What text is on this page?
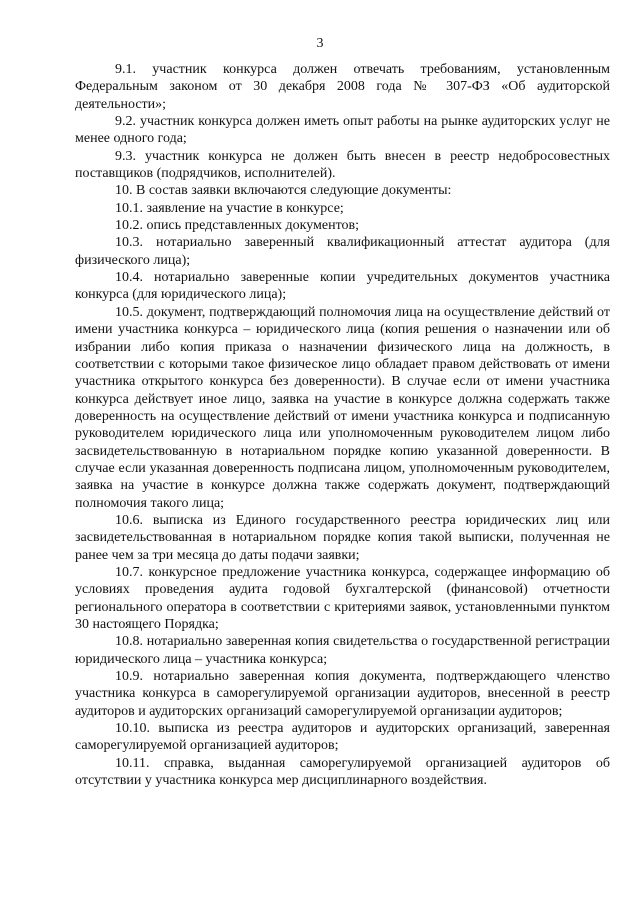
3

9.1. участник конкурса должен отвечать требованиям, установленным Федеральным законом от 30 декабря 2008 года № 307-ФЗ «Об аудиторской деятельности»;

9.2. участник конкурса должен иметь опыт работы на рынке аудиторских услуг не менее одного года;

9.3. участник конкурса не должен быть внесен в реестр недобросовестных поставщиков (подрядчиков, исполнителей).

10. В состав заявки включаются следующие документы:

10.1. заявление на участие в конкурсе;

10.2. опись представленных документов;

10.3. нотариально заверенный квалификационный аттестат аудитора (для физического лица);

10.4. нотариально заверенные копии учредительных документов участника конкурса (для юридического лица);

10.5. документ, подтверждающий полномочия лица на осуществление действий от имени участника конкурса – юридического лица (копия решения о назначении или об избрании либо копия приказа о назначении физического лица на должность, в соответствии с которыми такое физическое лицо обладает правом действовать от имени участника открытого конкурса без доверенности). В случае если от имени участника конкурса действует иное лицо, заявка на участие в конкурсе должна содержать также доверенность на осуществление действий от имени участника конкурса и подписанную руководителем юридического лица или уполномоченным руководителем лицом либо засвидетельствованную в нотариальном порядке копию указанной доверенности. В случае если указанная доверенность подписана лицом, уполномоченным руководителем, заявка на участие в конкурсе должна также содержать документ, подтверждающий полномочия такого лица;

10.6. выписка из Единого государственного реестра юридических лиц или засвидетельствованная в нотариальном порядке копия такой выписки, полученная не ранее чем за три месяца до даты подачи заявки;

10.7. конкурсное предложение участника конкурса, содержащее информацию об условиях проведения аудита годовой бухгалтерской (финансовой) отчетности регионального оператора в соответствии с критериями заявок, установленными пунктом 30 настоящего Порядка;

10.8. нотариально заверенная копия свидетельства о государственной регистрации юридического лица – участника конкурса;

10.9. нотариально заверенная копия документа, подтверждающего членство участника конкурса в саморегулируемой организации аудиторов, внесенной в реестр аудиторов и аудиторских организаций саморегулируемой организации аудиторов;

10.10. выписка из реестра аудиторов и аудиторских организаций, заверенная саморегулируемой организацией аудиторов;

10.11. справка, выданная саморегулируемой организацией аудиторов об отсутствии у участника конкурса мер дисциплинарного воздействия.
